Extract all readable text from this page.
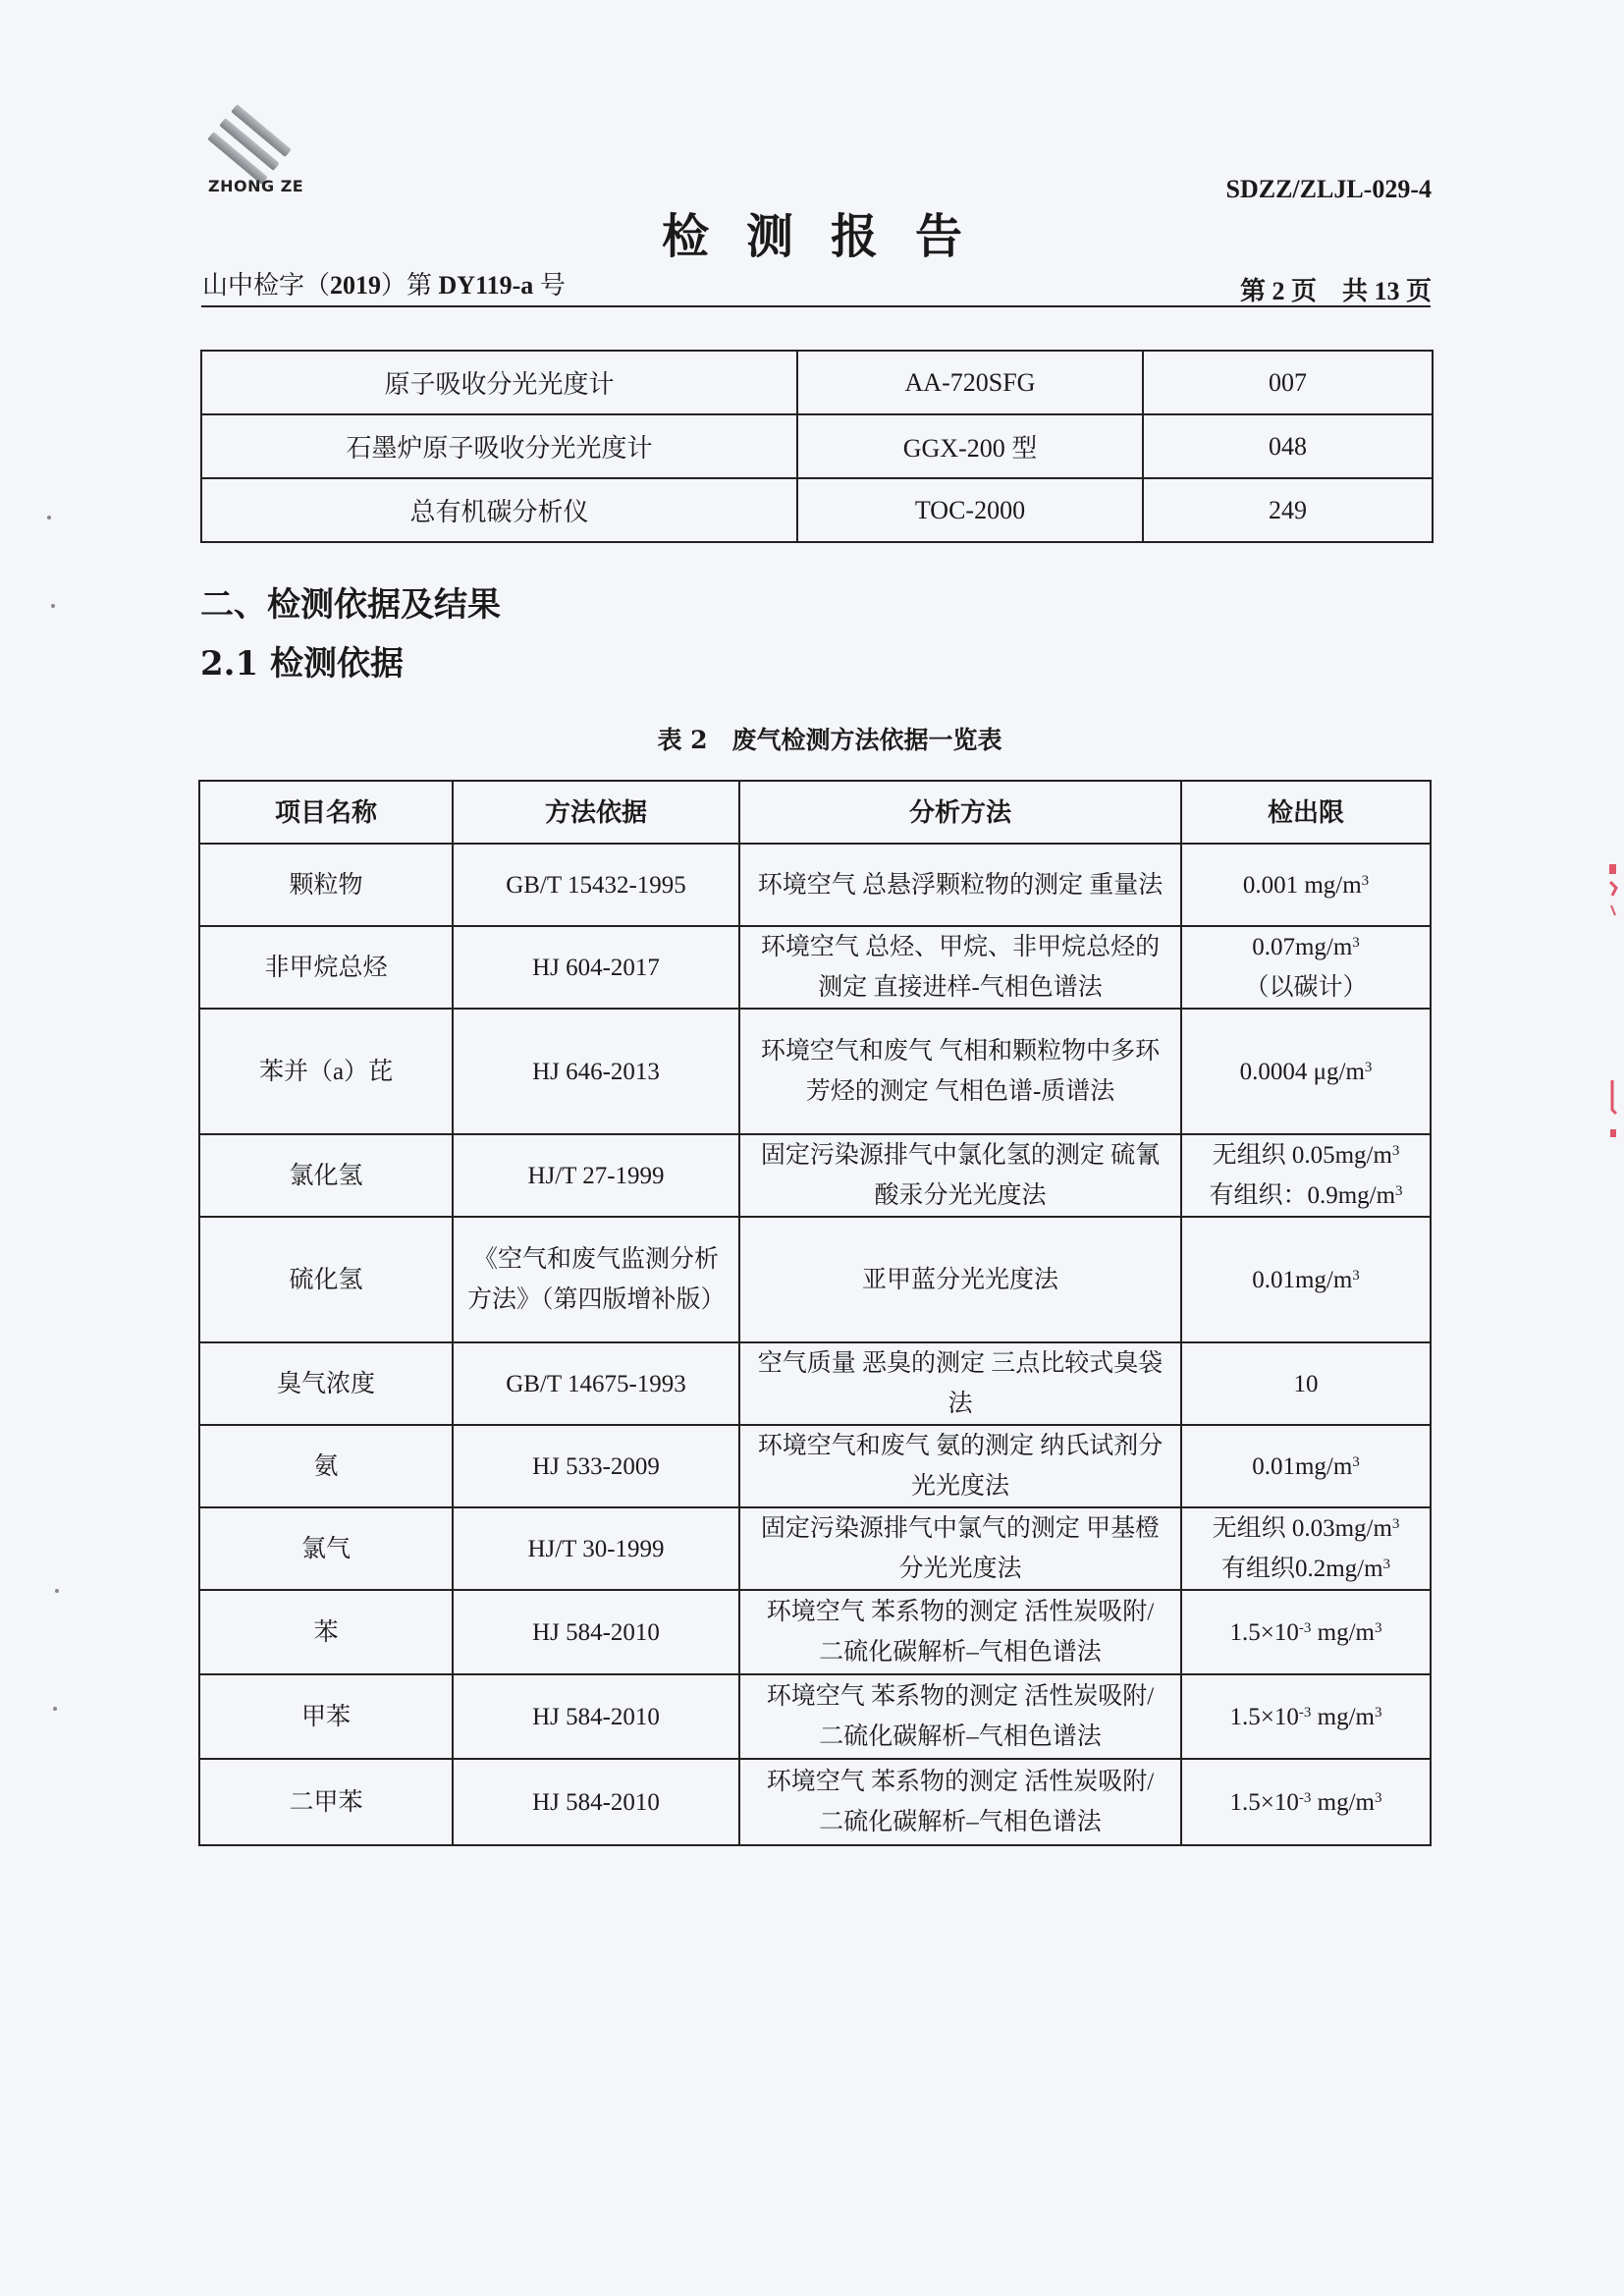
ZHONG ZE	SDZZ/ZLJL-029-4
检测报告
山中检字（2019）第 DY119-a 号	第 2 页　共 13 页
原子吸收分光光度计	AA-720SFG	007
石墨炉原子吸收分光光度计	GGX-200 型	048
总有机碳分析仪	TOC-2000	249
二、检测依据及结果
2.1 检测依据
表 2　废气检测方法依据一览表
项目名称	方法依据	分析方法	检出限
颗粒物	GB/T 15432-1995	环境空气 总悬浮颗粒物的测定 重量法	0.001 $mg/m^3$

非甲烷总烃	HJ 604-2017	环境空气 总烃、甲烷、非甲烷总烃的测定 直接进样-气相色谱法	$0.07mg/m^3$
（以碳计）

苯并（a）芘	HJ 646-2013	环境空气和废气 气相和颗粒物中多环芳烃的测定 气相色谱-质谱法	0.0004 $\mu g/m^3$

氯化氢	HJ/T 27-1999	固定污染源排气中氯化氢的测定 硫氰酸汞分光光度法	无组织 $0.05mg/m^3$
有组织：$0.9mg/m^3$

硫化氢	《空气和废气监测分析方法》（第四版增补版）	亚甲蓝分光光度法	$0.01mg/m^3$

臭气浓度	GB/T 14675-1993	空气质量 恶臭的测定 三点比较式臭袋法	10

氨	HJ 533-2009	环境空气和废气 氨的测定 纳氏试剂分光光度法	$0.01mg/m^3$

氯气	HJ/T 30-1999	固定污染源排气中氯气的测定 甲基橙分光光度法	无组织 $0.03mg/m^3$
有组织$0.2mg/m^3$

苯	HJ 584-2010	环境空气 苯系物的测定 活性炭吸附/二硫化碳解析–气相色谱法	$1.5\times 10^{-3}$ $mg/m^3$

甲苯	HJ 584-2010	环境空气 苯系物的测定 活性炭吸附/二硫化碳解析–气相色谱法	$1.5\times 10^{-3}$ $mg/m^3$

二甲苯	HJ 584-2010	环境空气 苯系物的测定 活性炭吸附/二硫化碳解析–气相色谱法	$1.5\times 10^{-3}$ $mg/m^3$
